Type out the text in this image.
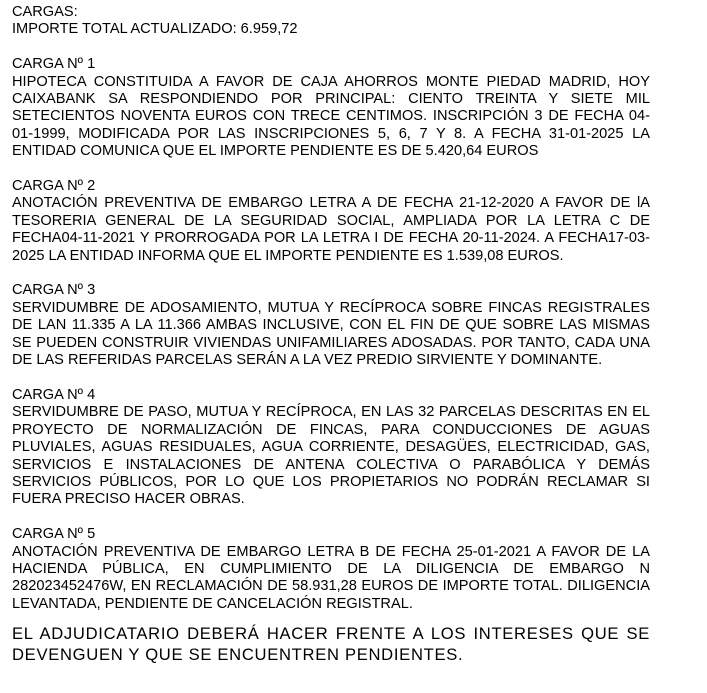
CARGAS:
IMPORTE TOTAL ACTUALIZADO: 6.959,72
CARGA Nº 1
HIPOTECA CONSTITUIDA A FAVOR DE CAJA AHORROS MONTE PIEDAD MADRID, HOY CAIXABANK SA RESPONDIENDO POR PRINCIPAL: CIENTO TREINTA Y SIETE MIL SETECIENTOS NOVENTA EUROS CON TRECE CENTIMOS. INSCRIPCIÓN 3 DE FECHA 04-01-1999, MODIFICADA POR LAS INSCRIPCIONES 5, 6, 7 Y 8. A FECHA 31-01-2025 LA ENTIDAD COMUNICA QUE EL IMPORTE PENDIENTE ES DE 5.420,64 EUROS
CARGA Nº 2
ANOTACIÓN PREVENTIVA DE EMBARGO LETRA A DE FECHA 21-12-2020 A FAVOR DE lA TESORERIA GENERAL DE LA SEGURIDAD SOCIAL, AMPLIADA POR LA LETRA C DE FECHA04-11-2021 Y PRORROGADA POR LA LETRA I DE FECHA 20-11-2024. A FECHA17-03-2025 LA ENTIDAD INFORMA QUE EL IMPORTE PENDIENTE ES 1.539,08 EUROS.
CARGA Nº 3
SERVIDUMBRE DE ADOSAMIENTO, MUTUA Y RECÍPROCA SOBRE FINCAS REGISTRALES DE LAN 11.335 A LA 11.366 AMBAS INCLUSIVE, CON EL FIN DE QUE SOBRE LAS MISMAS SE PUEDEN CONSTRUIR VIVIENDAS UNIFAMILIARES ADOSADAS. POR TANTO, CADA UNA DE LAS REFERIDAS PARCELAS SERÁN A LA VEZ PREDIO SIRVIENTE Y DOMINANTE.
CARGA Nº 4
SERVIDUMBRE DE PASO, MUTUA Y RECÍPROCA, EN LAS 32 PARCELAS DESCRITAS EN EL PROYECTO DE NORMALIZACIÓN DE FINCAS, PARA CONDUCCIONES DE AGUAS PLUVIALES, AGUAS RESIDUALES, AGUA CORRIENTE, DESAGÜES, ELECTRICIDAD, GAS, SERVICIOS E INSTALACIONES DE ANTENA COLECTIVA O PARABÓLICA Y DEMÁS SERVICIOS PÚBLICOS, POR LO QUE LOS PROPIETARIOS NO PODRÁN RECLAMAR SI FUERA PRECISO HACER OBRAS.
CARGA Nº 5
ANOTACIÓN PREVENTIVA DE EMBARGO LETRA B DE FECHA 25-01-2021 A FAVOR DE LA HACIENDA PÚBLICA, EN CUMPLIMIENTO DE LA DILIGENCIA DE EMBARGO N 282023452476W, EN RECLAMACIÓN DE 58.931,28 EUROS DE IMPORTE TOTAL. DILIGENCIA LEVANTADA, PENDIENTE DE CANCELACIÓN REGISTRAL.
EL ADJUDICATARIO DEBERÁ HACER FRENTE A LOS INTERESES QUE SE DEVENGUEN Y QUE SE ENCUENTREN PENDIENTES.
